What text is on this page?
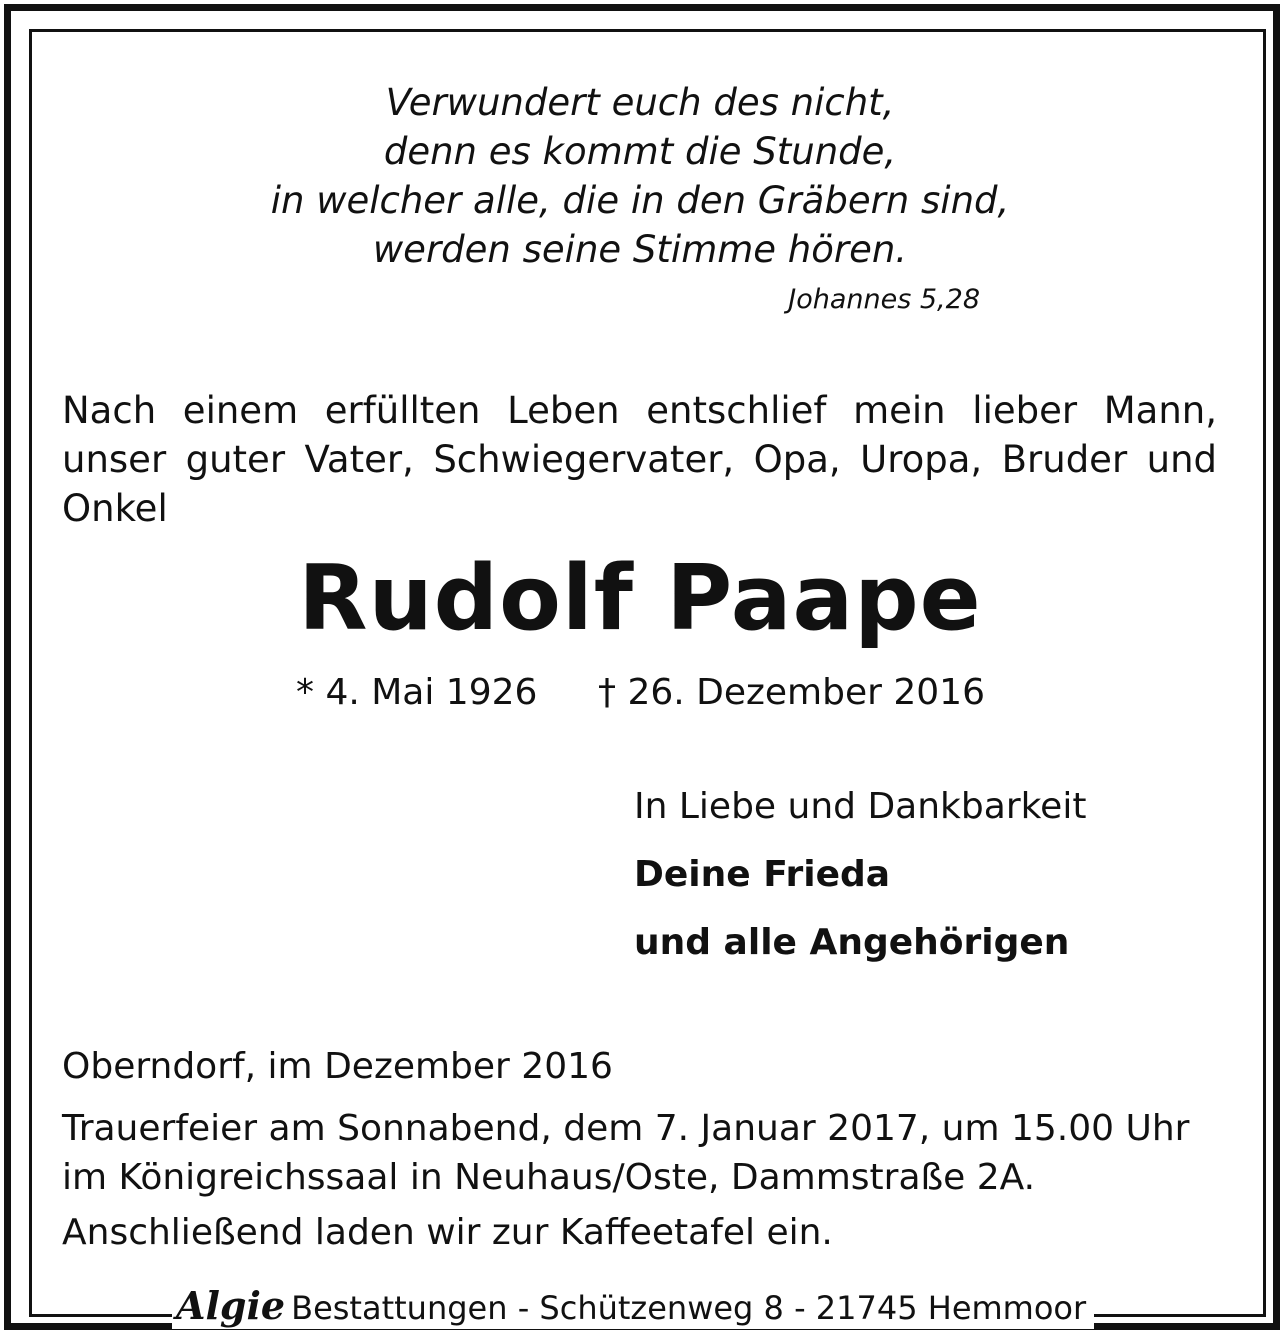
Verwundert euch des nicht,
denn es kommt die Stunde,
in welcher alle, die in den Gräbern sind,
werden seine Stimme hören.
Johannes 5,28
Nach einem erfüllten Leben entschlief mein lieber Mann, unser guter Vater, Schwiegervater, Opa, Uropa, Bruder und Onkel
Rudolf Paape
* 4. Mai 1926 † 26. Dezember 2016
In Liebe und Dankbarkeit
Deine Frieda
und alle Angehörigen
Oberndorf, im Dezember 2016
Trauerfeier am Sonnabend, dem 7. Januar 2017, um 15.00 Uhr im Königreichssaal in Neuhaus/Oste, Dammstraße 2A.
Anschließend laden wir zur Kaffeetafel ein.
Algie Bestattungen - Schützenweg 8 - 21745 Hemmoor
